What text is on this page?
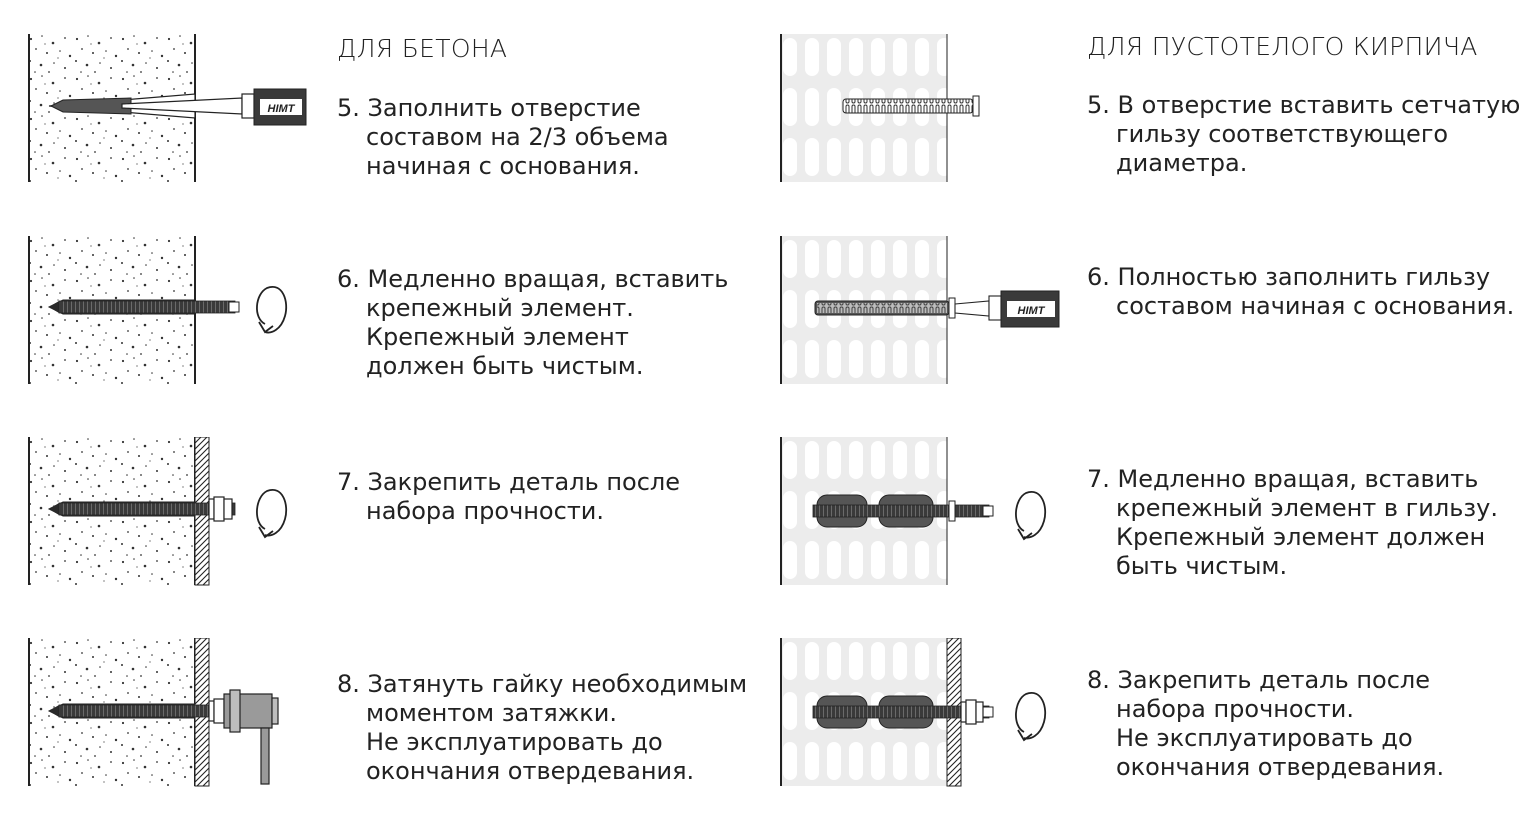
ДЛЯ БЕТОНА	ДЛЯ ПУСТОТЕЛОГО КИРПИЧА
5. Заполнить отверстие
составом на 2/3 объема
начиная с основания.
6. Медленно вращая, вставить
крепежный элемент.
Крепежный элемент
должен быть чистым.
7. Закрепить деталь после
набора прочности.
8. Затянуть гайку необходимым
моментом затяжки.
Не эксплуатировать до
окончания отвердевания.
5. В отверстие вставить сетчатую
гильзу соответствующего
диаметра.
6. Полностью заполнить гильзу
составом начиная с основания.
7. Медленно вращая, вставить
крепежный элемент в гильзу.
Крепежный элемент должен
быть чистым.
8. Закрепить деталь после
набора прочности.
Не эксплуатировать до
окончания отвердевания.
HIMT
HIMT
